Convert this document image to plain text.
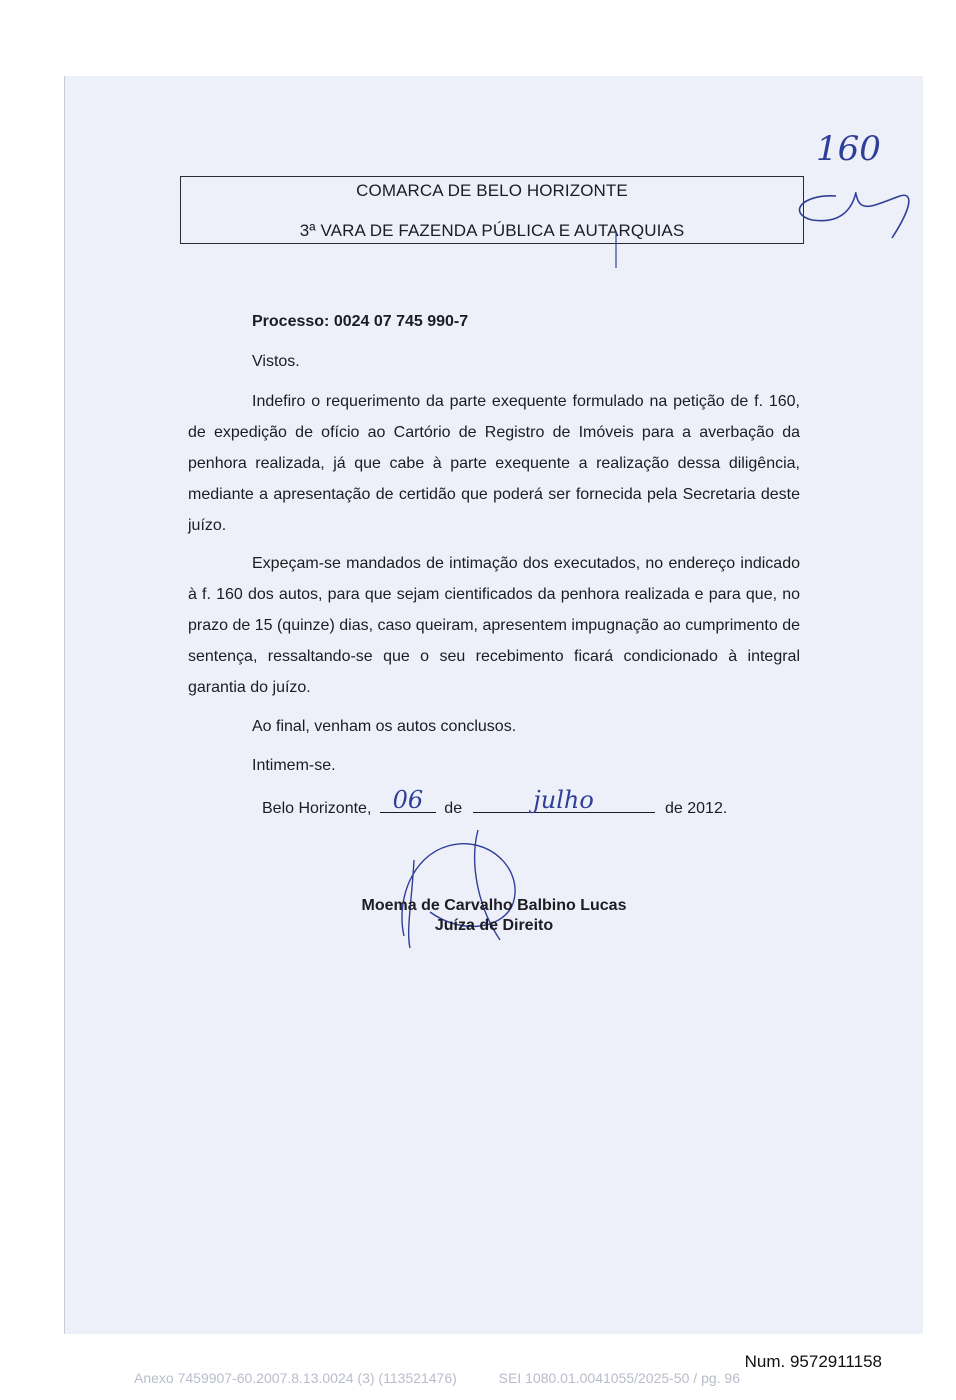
COMARCA DE BELO HORIZONTE
3ª VARA DE FAZENDA PÚBLICA E AUTARQUIAS
160
Processo: 0024 07 745 990-7
Vistos.
Indefiro o requerimento da parte exequente formulado na petição de f. 160, de expedição de ofício ao Cartório de Registro de Imóveis para a averbação da penhora realizada, já que cabe à parte exequente a realização dessa diligência, mediante a apresentação de certidão que poderá ser fornecida pela Secretaria deste juízo.
Expeçam-se mandados de intimação dos executados, no endereço indicado à f. 160 dos autos, para que sejam cientificados da penhora realizada e para que, no prazo de 15 (quinze) dias, caso queiram, apresentem impugnação ao cumprimento de sentença, ressaltando-se que o seu recebimento ficará condicionado à integral garantia do juízo.
Ao final, venham os autos conclusos.
Intimem-se.
Belo Horizonte, 06	de	julho	de 2012.
Moema de Carvalho Balbino Lucas
Juíza de Direito
Num. 9572911158
Anexo 7459907-60.2007.8.13.0024 (3) (113521476)	SEI 1080.01.0041055/2025-50 / pg. 96
